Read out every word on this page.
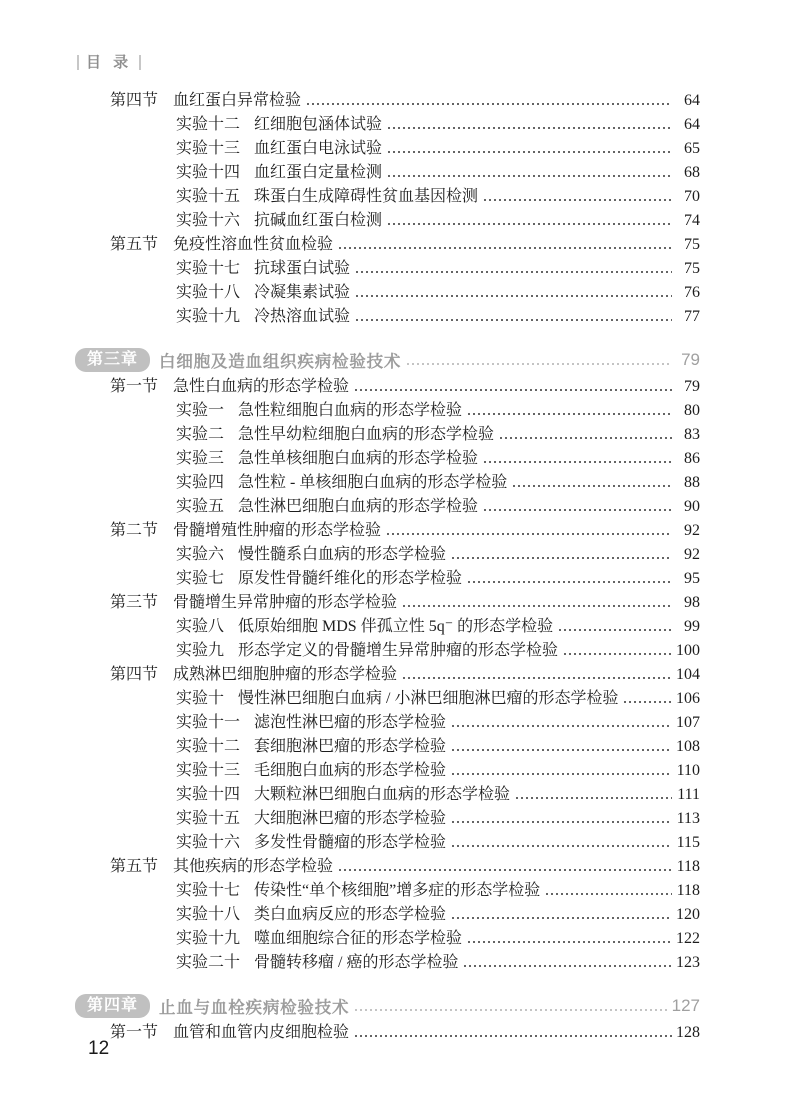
目 录
第四节 血红蛋白异常检验	64
实验十二 红细胞包涵体试验	64
实验十三 血红蛋白电泳试验	65
实验十四 血红蛋白定量检测	68
实验十五 珠蛋白生成障碍性贫血基因检测	70
实验十六 抗碱血红蛋白检测	74
第五节 免疫性溶血性贫血检验	75
实验十七 抗球蛋白试验	75
实验十八 冷凝集素试验	76
实验十九 冷热溶血试验	77
第三章	白细胞及造血组织疾病检验技术	79
第一节 急性白血病的形态学检验	79
实验一 急性粒细胞白血病的形态学检验	80
实验二 急性早幼粒细胞白血病的形态学检验	83
实验三 急性单核细胞白血病的形态学检验	86
实验四 急性粒 - 单核细胞白血病的形态学检验	88
实验五 急性淋巴细胞白血病的形态学检验	90
第二节 骨髓增殖性肿瘤的形态学检验	92
实验六 慢性髓系白血病的形态学检验	92
实验七 原发性骨髓纤维化的形态学检验	95
第三节 骨髓增生异常肿瘤的形态学检验	98
实验八 低原始细胞 MDS 伴孤立性 5q⁻ 的形态学检验	99
实验九 形态学定义的骨髓增生异常肿瘤的形态学检验	100
第四节 成熟淋巴细胞肿瘤的形态学检验	104
实验十 慢性淋巴细胞白血病 / 小淋巴细胞淋巴瘤的形态学检验	106
实验十一 滤泡性淋巴瘤的形态学检验	107
实验十二 套细胞淋巴瘤的形态学检验	108
实验十三 毛细胞白血病的形态学检验	110
实验十四 大颗粒淋巴细胞白血病的形态学检验	111
实验十五 大细胞淋巴瘤的形态学检验	113
实验十六 多发性骨髓瘤的形态学检验	115
第五节 其他疾病的形态学检验	118
实验十七 传染性“单个核细胞”增多症的形态学检验	118
实验十八 类白血病反应的形态学检验	120
实验十九 噬血细胞综合征的形态学检验	122
实验二十 骨髓转移瘤 / 癌的形态学检验	123
第四章	止血与血栓疾病检验技术	127
第一节 血管和血管内皮细胞检验	128
12
